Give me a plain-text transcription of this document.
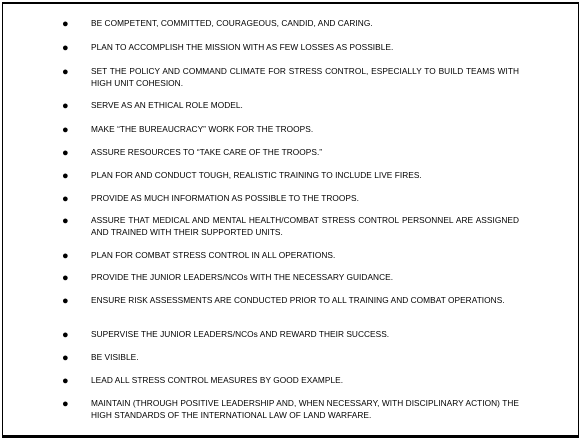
●	BE COMPETENT, COMMITTED, COURAGEOUS, CANDID, AND CARING.
●	PLAN TO ACCOMPLISH THE MISSION WITH AS FEW LOSSES AS POSSIBLE.
●	SET THE POLICY AND COMMAND CLIMATE FOR STRESS CONTROL, ESPECIALLY TO BUILD TEAMS WITH HIGH UNIT COHESION.
●	SERVE AS AN ETHICAL ROLE MODEL.
●	MAKE “THE BUREAUCRACY” WORK FOR THE TROOPS.
●	ASSURE RESOURCES TO “TAKE CARE OF THE TROOPS.”
●	PLAN FOR AND CONDUCT TOUGH, REALISTIC TRAINING TO INCLUDE LIVE FIRES.
●	PROVIDE AS MUCH INFORMATION AS POSSIBLE TO THE TROOPS.
●	ASSURE THAT MEDICAL AND MENTAL HEALTH/COMBAT STRESS CONTROL PERSONNEL ARE ASSIGNED AND TRAINED WITH THEIR SUPPORTED UNITS.
●	PLAN FOR COMBAT STRESS CONTROL IN ALL OPERATIONS.
●	PROVIDE THE JUNIOR LEADERS/NCOs WITH THE NECESSARY GUIDANCE.
●	ENSURE RISK ASSESSMENTS ARE CONDUCTED PRIOR TO ALL TRAINING AND COMBAT OPERATIONS.
●	SUPERVISE THE JUNIOR LEADERS/NCOs AND REWARD THEIR SUCCESS.
●	BE VISIBLE.
●	LEAD ALL STRESS CONTROL MEASURES BY GOOD EXAMPLE.
●	MAINTAIN (THROUGH POSITIVE LEADERSHIP AND, WHEN NECESSARY, WITH DISCIPLINARY ACTION) THE HIGH STANDARDS OF THE INTERNATIONAL LAW OF LAND WARFARE.
